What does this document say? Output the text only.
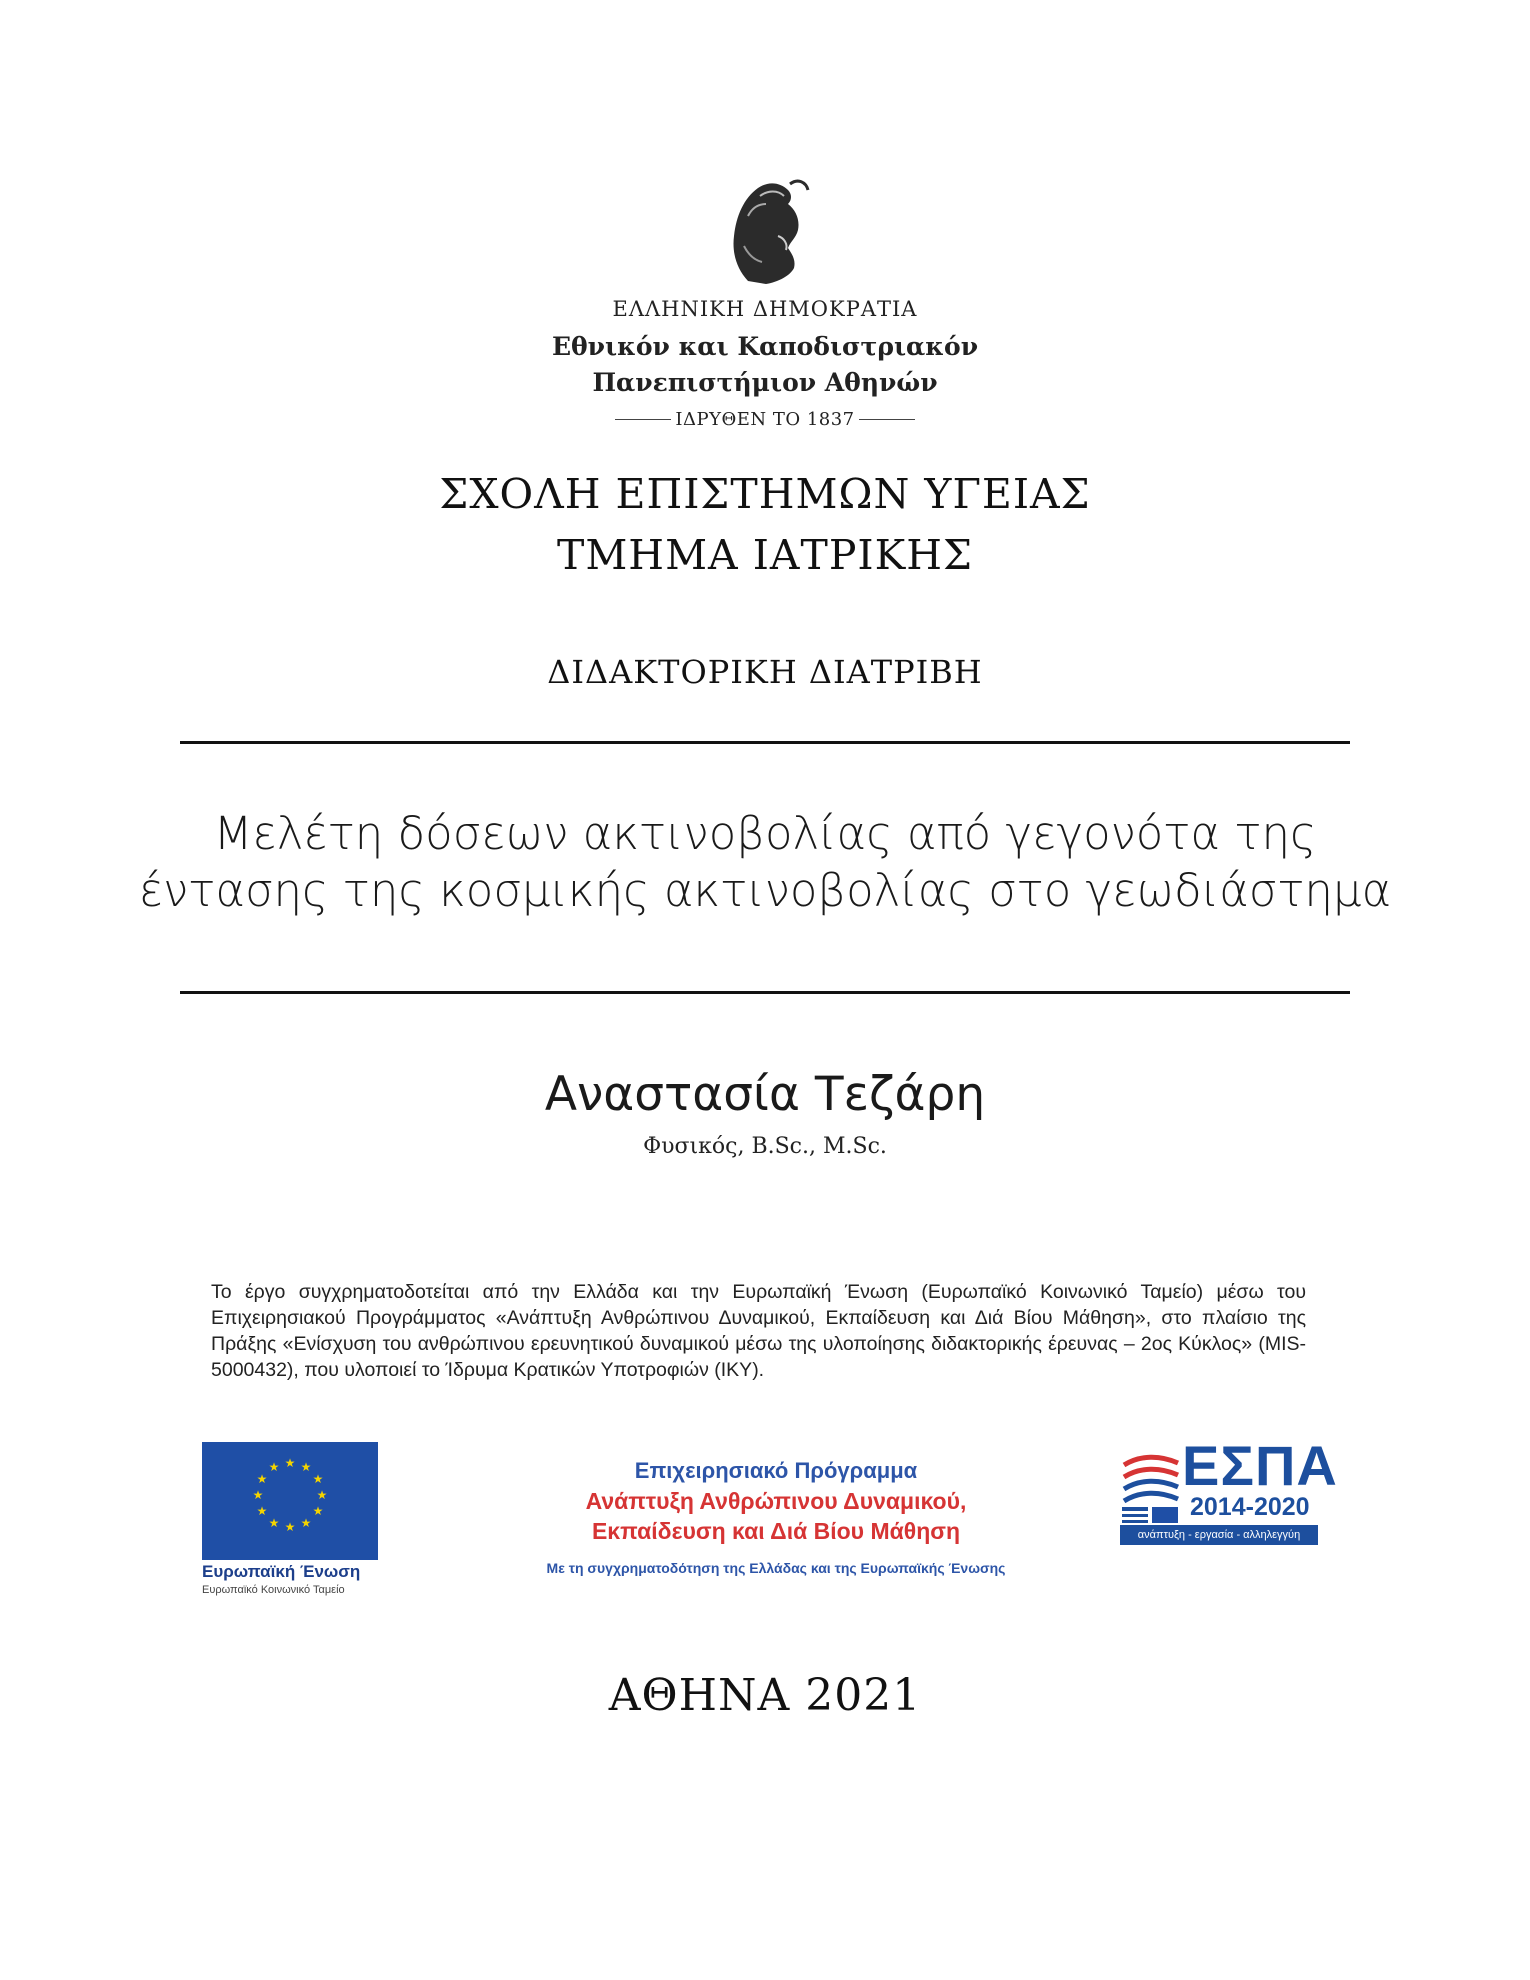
ΕΛΛΗΝΙΚΗ ΔΗΜΟΚΡΑΤΙΑ
Εθνικόν και Καποδιστριακόν
Πανεπιστήμιον Αθηνών
ΙΔΡΥΘΕΝ ΤΟ 1837
ΣΧΟΛΗ ΕΠΙΣΤΗΜΩΝ ΥΓΕΙΑΣ
ΤΜΗΜΑ ΙΑΤΡΙΚΗΣ
ΔΙΔΑΚΤΟΡΙΚΗ ΔΙΑΤΡΙΒΗ
Μελέτη δόσεων ακτινοβολίας από γεγονότα της
έντασης της κοσμικής ακτινοβολίας στο γεωδιάστημα
Αναστασία Τεζάρη
Φυσικός, B.Sc., M.Sc.
Το έργο συγχρηματοδοτείται από την Ελλάδα και την Ευρωπαϊκή Ένωση (Ευρωπαϊκό Κοινωνικό Ταμείο) μέσω του Επιχειρησιακού Προγράμματος «Ανάπτυξη Ανθρώπινου Δυναμικού, Εκπαίδευση και Διά Βίου Μάθηση», στο πλαίσιο της Πράξης «Ενίσχυση του ανθρώπινου ερευνητικού δυναμικού μέσω της υλοποίησης διδακτορικής έρευνας – 2ος Κύκλος» (MIS-5000432), που υλοποιεί το Ίδρυμα Κρατικών Υποτροφιών (ΙΚΥ).
★ ★
★
★
★
★
★
★
★
★
★
★
Ευρωπαϊκή Ένωση
Ευρωπαϊκό Κοινωνικό Ταμείο
Επιχειρησιακό Πρόγραμμα
Ανάπτυξη Ανθρώπινου Δυναμικού,
Εκπαίδευση και Διά Βίου Μάθηση
Με τη συγχρηματοδότηση της Ελλάδας και της Ευρωπαϊκής Ένωσης
ΕΣΠΑ
2014-2020
ανάπτυξη - εργασία - αλληλεγγύη
ΑΘΗΝΑ 2021
